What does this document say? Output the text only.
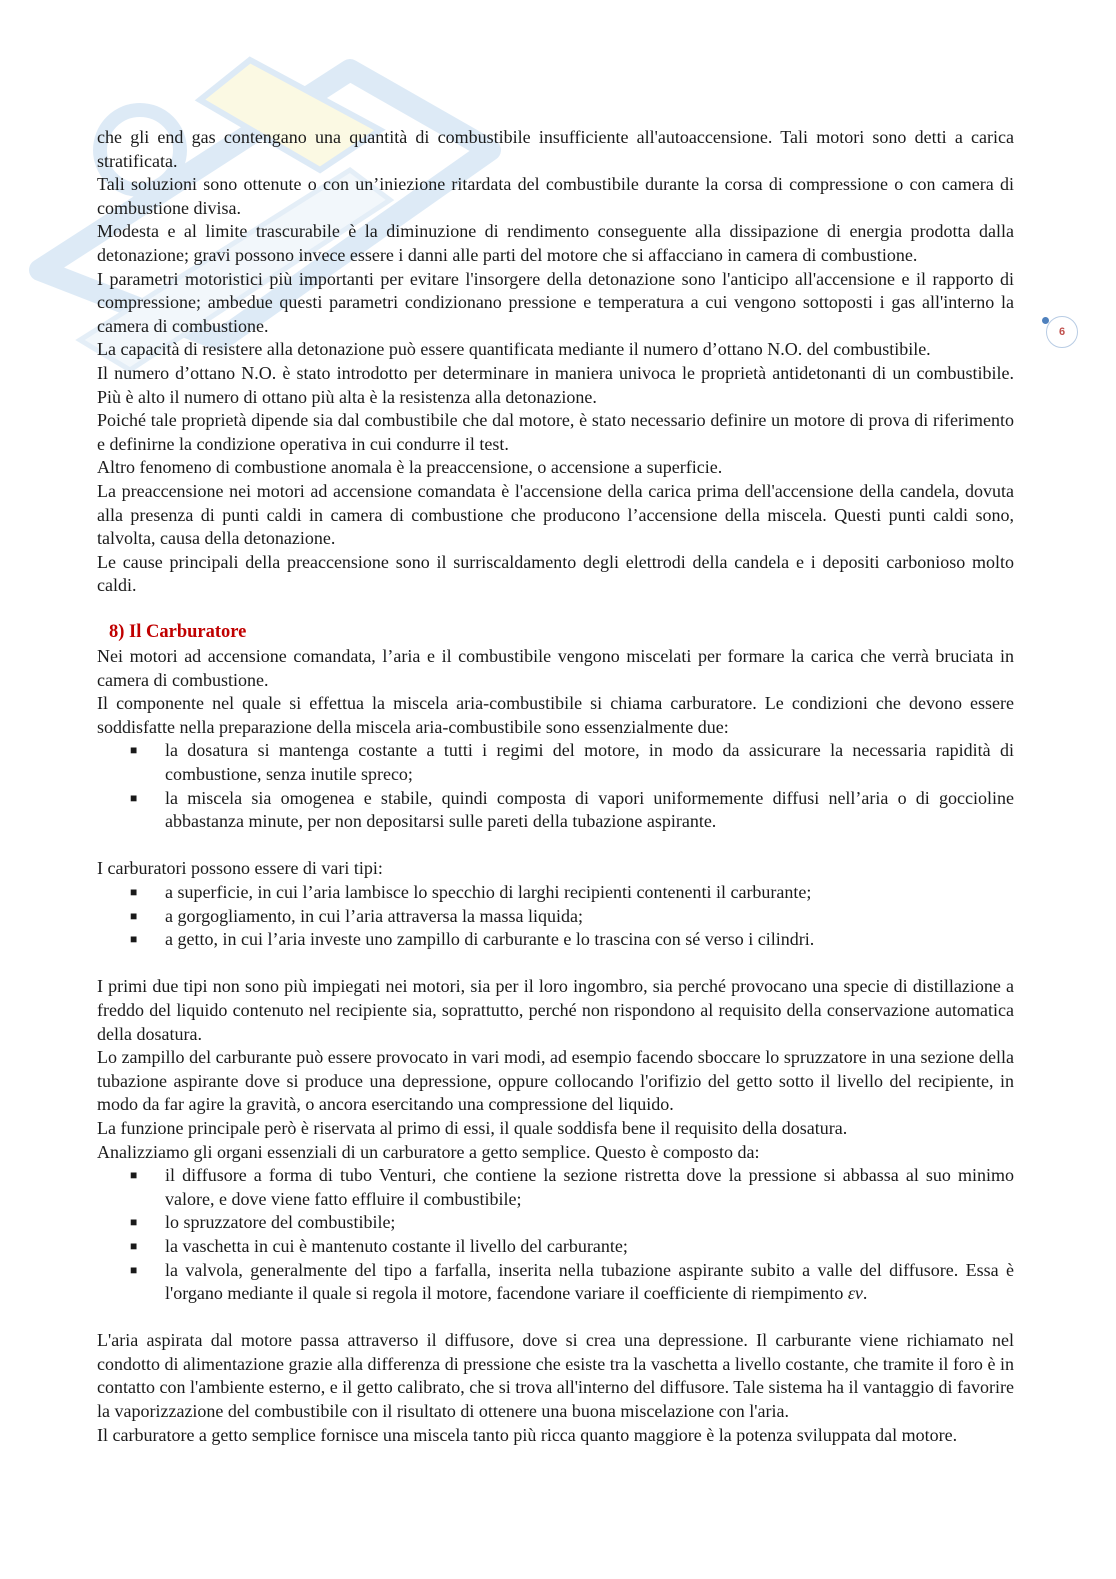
6

che gli end gas contengano una quantità di combustibile insufficiente all'autoaccensione. Tali motori sono detti a carica stratificata.

Tali soluzioni sono ottenute o con un’iniezione ritardata del combustibile durante la corsa di compressione o con camera di combustione divisa.

Modesta e al limite trascurabile è la diminuzione di rendimento conseguente alla dissipazione di energia prodotta dalla detonazione; gravi possono invece essere i danni alle parti del motore che si affacciano in camera di combustione.

I parametri motoristici più importanti per evitare l'insorgere della detonazione sono l'anticipo all'accensione e il rapporto di compressione; ambedue questi parametri condizionano pressione e temperatura a cui vengono sottoposti i gas all'interno la camera di combustione.

La capacità di resistere alla detonazione può essere quantificata mediante il numero d’ottano N.O. del combustibile.

Il numero d’ottano N.O. è stato introdotto per determinare in maniera univoca le proprietà antidetonanti di un combustibile. Più è alto il numero di ottano più alta è la resistenza alla detonazione.

Poiché tale proprietà dipende sia dal combustibile che dal motore, è stato necessario definire un motore di prova di riferimento e definirne la condizione operativa in cui condurre il test.

Altro fenomeno di combustione anomala è la preaccensione, o accensione a superficie.

La preaccensione nei motori ad accensione comandata è l'accensione della carica prima dell'accensione della candela, dovuta alla presenza di punti caldi in camera di combustione che producono l’accensione della miscela. Questi punti caldi sono, talvolta, causa della detonazione.

Le cause principali della preaccensione sono il surriscaldamento degli elettrodi della candela e i depositi carbonioso molto caldi.

8) Il Carburatore

Nei motori ad accensione comandata, l’aria e il combustibile vengono miscelati per formare la carica che verrà bruciata in camera di combustione.

Il componente nel quale si effettua la miscela aria-combustibile si chiama carburatore. Le condizioni che devono essere soddisfatte nella preparazione della miscela aria-combustibile sono essenzialmente due:

■ la dosatura si mantenga costante a tutti i regimi del motore, in modo da assicurare la necessaria rapidità di combustione, senza inutile spreco;
■ la miscela sia omogenea e stabile, quindi composta di vapori uniformemente diffusi nell’aria o di goccioline abbastanza minute, per non depositarsi sulle pareti della tubazione aspirante.

I carburatori possono essere di vari tipi:

■ a superficie, in cui l’aria lambisce lo specchio di larghi recipienti contenenti il carburante;
■ a gorgogliamento, in cui l’aria attraversa la massa liquida;
■ a getto, in cui l’aria investe uno zampillo di carburante e lo trascina con sé verso i cilindri.

I primi due tipi non sono più impiegati nei motori, sia per il loro ingombro, sia perché provocano una specie di distillazione a freddo del liquido contenuto nel recipiente sia, soprattutto, perché non rispondono al requisito della conservazione automatica della dosatura.

Lo zampillo del carburante può essere provocato in vari modi, ad esempio facendo sboccare lo spruzzatore in una sezione della tubazione aspirante dove si produce una depressione, oppure collocando l'orifizio del getto sotto il livello del recipiente, in modo da far agire la gravità, o ancora esercitando una compressione del liquido.

La funzione principale però è riservata al primo di essi, il quale soddisfa bene il requisito della dosatura.

Analizziamo gli organi essenziali di un carburatore a getto semplice. Questo è composto da:

■ il diffusore a forma di tubo Venturi, che contiene la sezione ristretta dove la pressione si abbassa al suo minimo valore, e dove viene fatto effluire il combustibile;
■ lo spruzzatore del combustibile;
■ la vaschetta in cui è mantenuto costante il livello del carburante;
■ la valvola, generalmente del tipo a farfalla, inserita nella tubazione aspirante subito a valle del diffusore. Essa è l'organo mediante il quale si regola il motore, facendone variare il coefficiente di riempimento εv.

L'aria aspirata dal motore passa attraverso il diffusore, dove si crea una depressione. Il carburante viene richiamato nel condotto di alimentazione grazie alla differenza di pressione che esiste tra la vaschetta a livello costante, che tramite il foro è in contatto con l'ambiente esterno, e il getto calibrato, che si trova all'interno del diffusore. Tale sistema ha il vantaggio di favorire la vaporizzazione del combustibile con il risultato di ottenere una buona miscelazione con l'aria.

Il carburatore a getto semplice fornisce una miscela tanto più ricca quanto maggiore è la potenza sviluppata dal motore.
